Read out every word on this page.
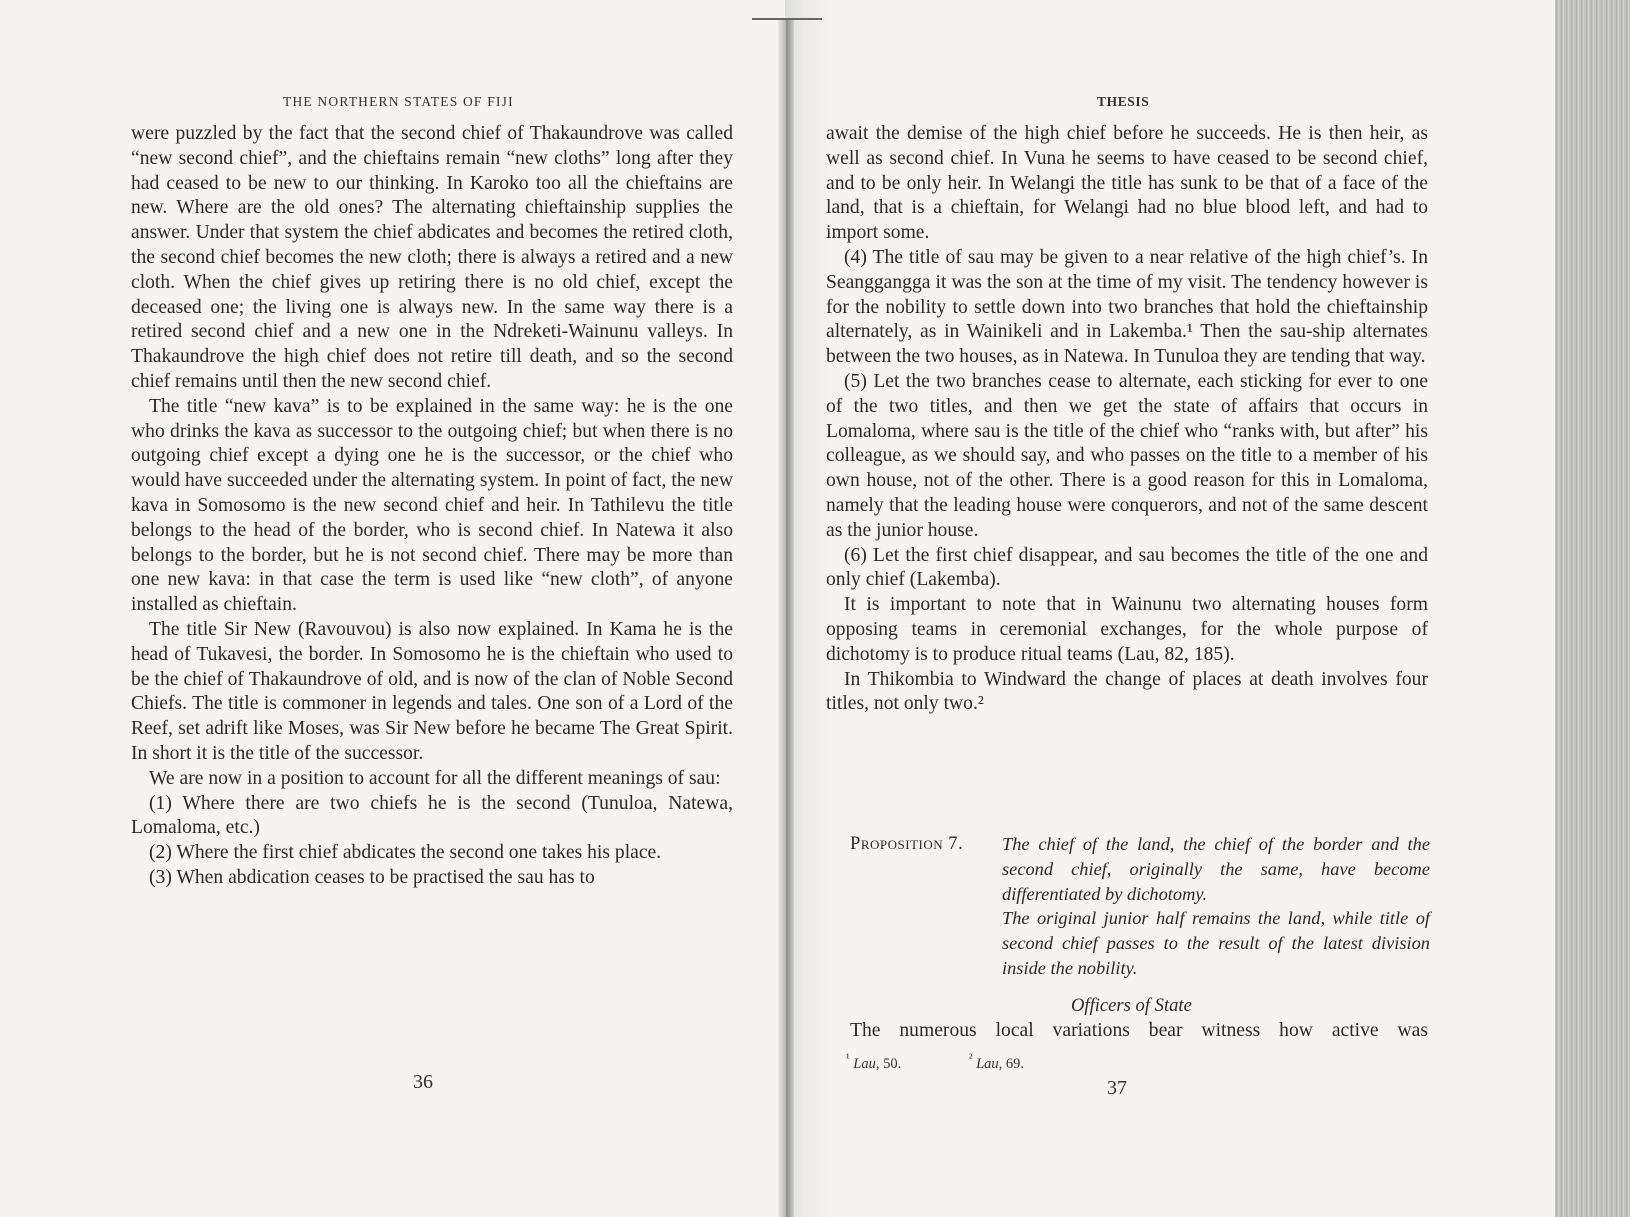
THE NORTHERN STATES OF FIJI

were puzzled by the fact that the second chief of Thakaundrove was called “new second chief”, and the chieftains remain “new cloths” long after they had ceased to be new to our thinking. In Karoko too all the chieftains are new. Where are the old ones? The alternating chieftainship supplies the answer. Under that system the chief abdicates and becomes the retired cloth, the second chief becomes the new cloth; there is always a retired and a new cloth. When the chief gives up retiring there is no old chief, except the deceased one; the living one is always new. In the same way there is a retired second chief and a new one in the Ndreketi-Wainunu valleys. In Thakaundrove the high chief does not retire till death, and so the second chief remains until then the new second chief.

The title “new kava” is to be explained in the same way: he is the one who drinks the kava as successor to the outgoing chief; but when there is no outgoing chief except a dying one he is the successor, or the chief who would have succeeded under the alternating system. In point of fact, the new kava in Somosomo is the new second chief and heir. In Tathilevu the title belongs to the head of the border, who is second chief. In Natewa it also belongs to the border, but he is not second chief. There may be more than one new kava: in that case the term is used like “new cloth”, of anyone installed as chieftain.

The title Sir New (Ravouvou) is also now explained. In Kama he is the head of Tukavesi, the border. In Somosomo he is the chieftain who used to be the chief of Thakaundrove of old, and is now of the clan of Noble Second Chiefs. The title is commoner in legends and tales. One son of a Lord of the Reef, set adrift like Moses, was Sir New before he became The Great Spirit. In short it is the title of the successor.

We are now in a position to account for all the different meanings of sau:

(1) Where there are two chiefs he is the second (Tunuloa, Natewa, Lomaloma, etc.)

(2) Where the first chief abdicates the second one takes his place.

(3) When abdication ceases to be practised the sau has to

36
THESIS

await the demise of the high chief before he succeeds. He is then heir, as well as second chief. In Vuna he seems to have ceased to be second chief, and to be only heir. In Welangi the title has sunk to be that of a face of the land, that is a chieftain, for Welangi had no blue blood left, and had to import some.

(4) The title of sau may be given to a near relative of the high chief’s. In Seanggangga it was the son at the time of my visit. The tendency however is for the nobility to settle down into two branches that hold the chieftainship alternately, as in Wainikeli and in Lakemba.¹ Then the sau-ship alternates between the two houses, as in Natewa. In Tunuloa they are tending that way.

(5) Let the two branches cease to alternate, each sticking for ever to one of the two titles, and then we get the state of affairs that occurs in Lomaloma, where sau is the title of the chief who “ranks with, but after” his colleague, as we should say, and who passes on the title to a member of his own house, not of the other. There is a good reason for this in Lomaloma, namely that the leading house were conquerors, and not of the same descent as the junior house.

(6) Let the first chief disappear, and sau becomes the title of the one and only chief (Lakemba).

It is important to note that in Wainunu two alternating houses form opposing teams in ceremonial exchanges, for the whole purpose of dichotomy is to produce ritual teams (Lau, 82, 185).

In Thikombia to Windward the change of places at death involves four titles, not only two.²

Proposition 7. The chief of the land, the chief of the border and the second chief, originally the same, have become differentiated by dichotomy.

The original junior half remains the land, while title of second chief passes to the result of the latest division inside the nobility.

Officers of State
The numerous local variations bear witness how active was
$^{^1}$ Lau, 50.	$^{^2}$ Lau, 69.
37
